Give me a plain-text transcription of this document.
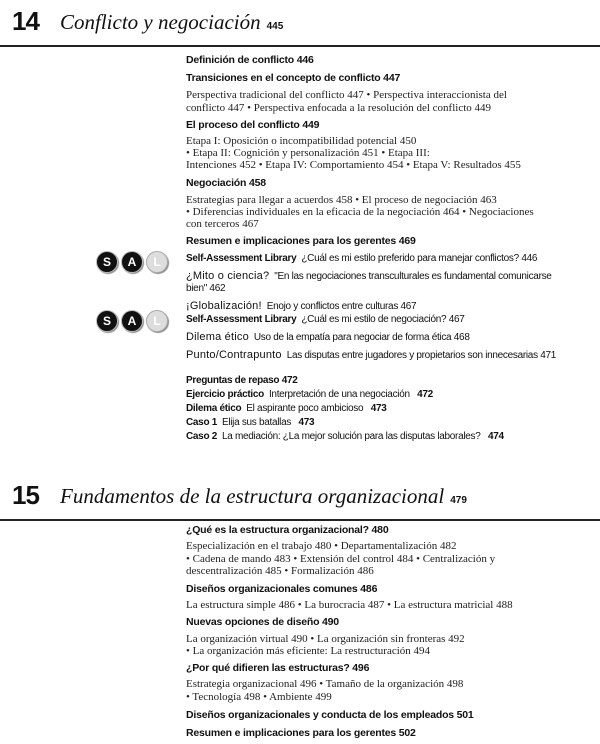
14 Conflicto y negociación 445
Definición de conflicto 446
Transiciones en el concepto de conflicto 447
Perspectiva tradicional del conflicto 447 • Perspectiva interaccionista del
conflicto 447 • Perspectiva enfocada a la resolución del conflicto 449
El proceso del conflicto 449
Etapa I: Oposición o incompatibilidad potencial 450
• Etapa II: Cognición y personalización 451 • Etapa III:
Intenciones 452 • Etapa IV: Comportamiento 454 • Etapa V: Resultados 455
Negociación 458
Estrategias para llegar a acuerdos 458 • El proceso de negociación 463
• Diferencias individuales en la eficacia de la negociación 464 • Negociaciones
con terceros 467
Resumen e implicaciones para los gerentes 469
S	A	L	Self-Assessment Library ¿Cuál es mi estilo preferido para manejar conflictos? 446
¿Mito o ciencia? "En las negociaciones transculturales es fundamental comunicarse
bien" 462
¡Globalización! Enojo y conflictos entre culturas 467
S	A	L	Self-Assessment Library ¿Cuál es mi estilo de negociación? 467
Dilema ético Uso de la empatía para negociar de forma ética 468
Punto/Contrapunto Las disputas entre jugadores y propietarios son innecesarias 471
Preguntas de repaso 472
Ejercicio práctico Interpretación de una negociación 472
Dilema ético El aspirante poco ambicioso 473
Caso 1 Elija sus batallas 473
Caso 2 La mediación: ¿La mejor solución para las disputas laborales? 474
15 Fundamentos de la estructura organizacional 479
¿Qué es la estructura organizacional? 480
Especialización en el trabajo 480 • Departamentalización 482
• Cadena de mando 483 • Extensión del control 484 • Centralización y
descentralización 485 • Formalización 486
Diseños organizacionales comunes 486
La estructura simple 486 • La burocracia 487 • La estructura matricial 488
Nuevas opciones de diseño 490
La organización virtual 490 • La organización sin fronteras 492
• La organización más eficiente: La restructuración 494
¿Por qué difieren las estructuras? 496
Estrategia organizacional 496 • Tamaño de la organización 498
• Tecnología 498 • Ambiente 499
Diseños organizacionales y conducta de los empleados 501
Resumen e implicaciones para los gerentes 502
